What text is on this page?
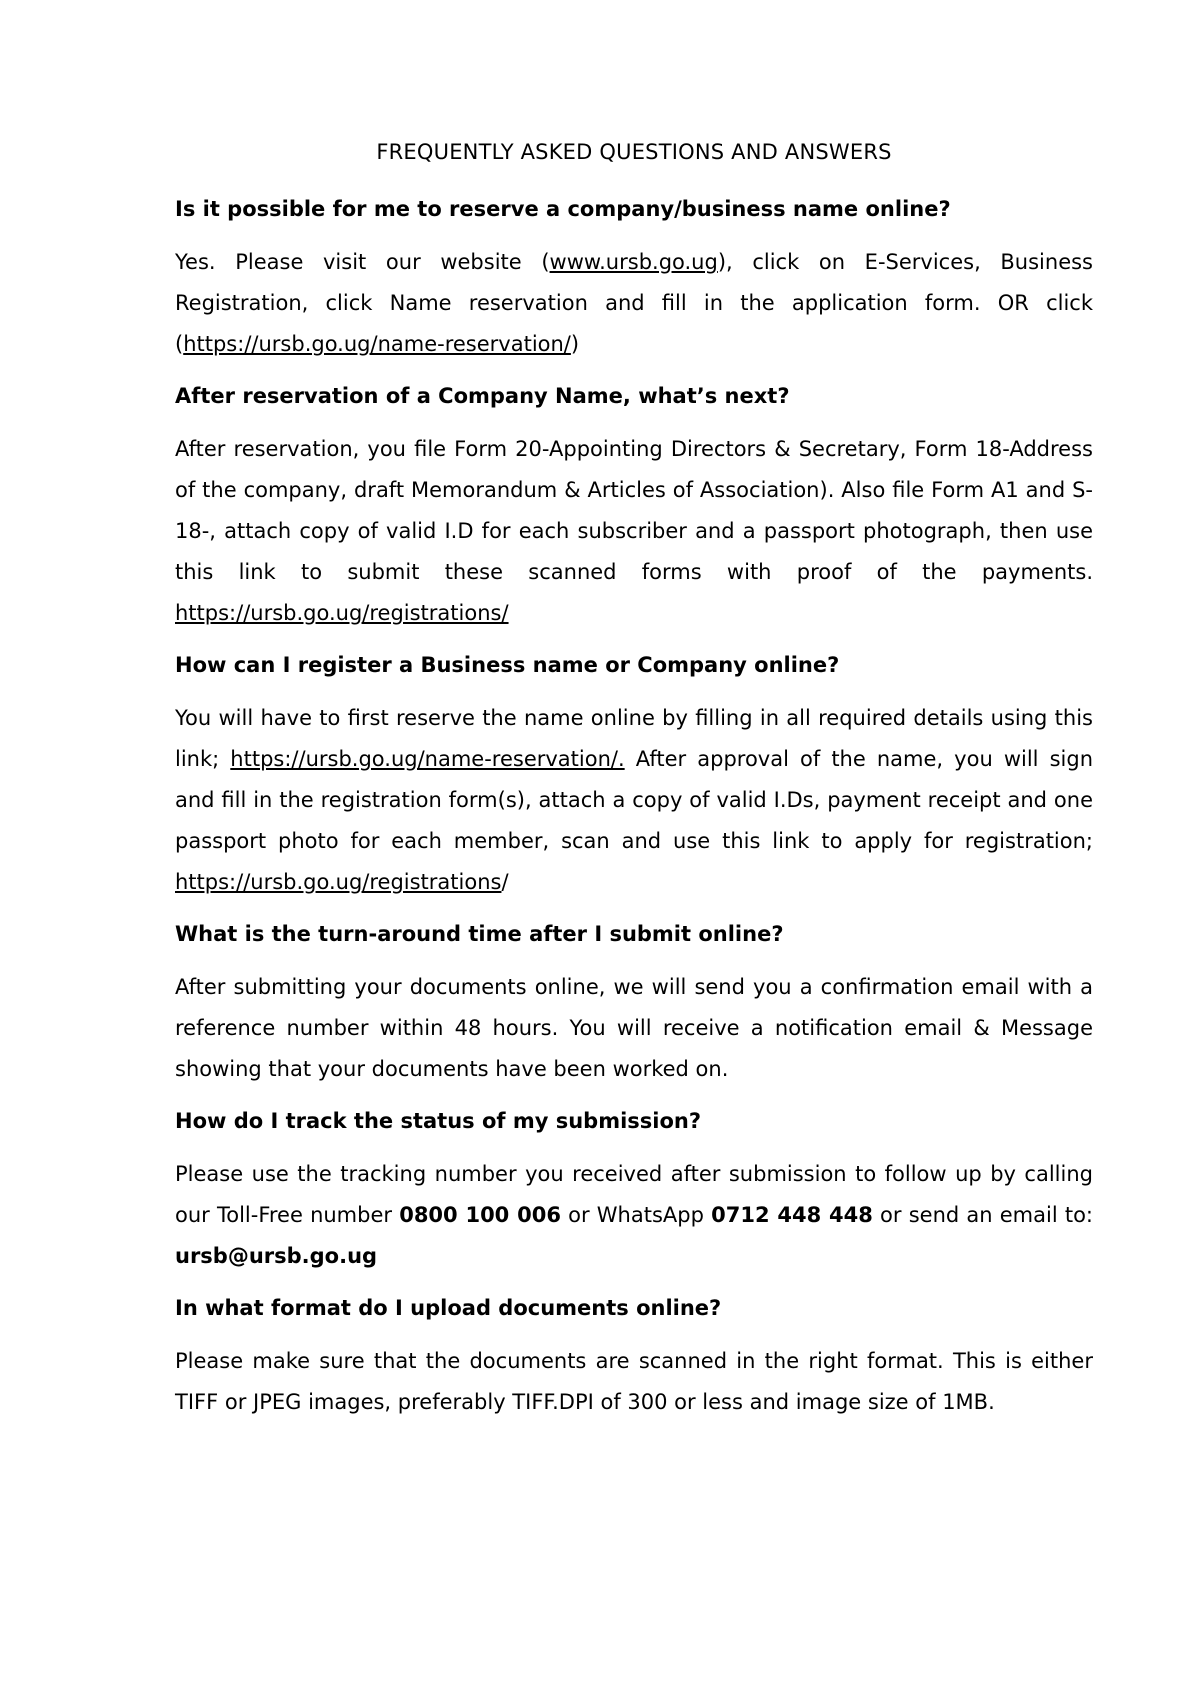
FREQUENTLY ASKED QUESTIONS AND ANSWERS

Is it possible for me to reserve a company/business name online?

Yes. Please visit our website (www.ursb.go.ug), click on E-Services, Business Registration, click Name reservation and fill in the application form. OR click (https://ursb.go.ug/name-reservation/)

After reservation of a Company Name, what’s next?

After reservation, you file Form 20-Appointing Directors & Secretary, Form 18-Address of the company, draft Memorandum & Articles of Association). Also file Form A1 and S-18-, attach copy of valid I.D for each subscriber and a passport photograph, then use this link to submit these scanned forms with proof of the payments. https://ursb.go.ug/registrations/

How can I register a Business name or Company online?

You will have to first reserve the name online by filling in all required details using this link; https://ursb.go.ug/name-reservation/. After approval of the name, you will sign and fill in the registration form(s), attach a copy of valid I.Ds, payment receipt and one passport photo for each member, scan and use this link to apply for registration; https://ursb.go.ug/registrations/

What is the turn-around time after I submit online?

After submitting your documents online, we will send you a confirmation email with a reference number within 48 hours. You will receive a notification email & Message showing that your documents have been worked on.

How do I track the status of my submission?

Please use the tracking number you received after submission to follow up by calling our Toll-Free number 0800 100 006 or WhatsApp 0712 448 448 or send an email to: ursb@ursb.go.ug

In what format do I upload documents online?

Please make sure that the documents are scanned in the right format. This is either TIFF or JPEG images, preferably TIFF.DPI of 300 or less and image size of 1MB.
